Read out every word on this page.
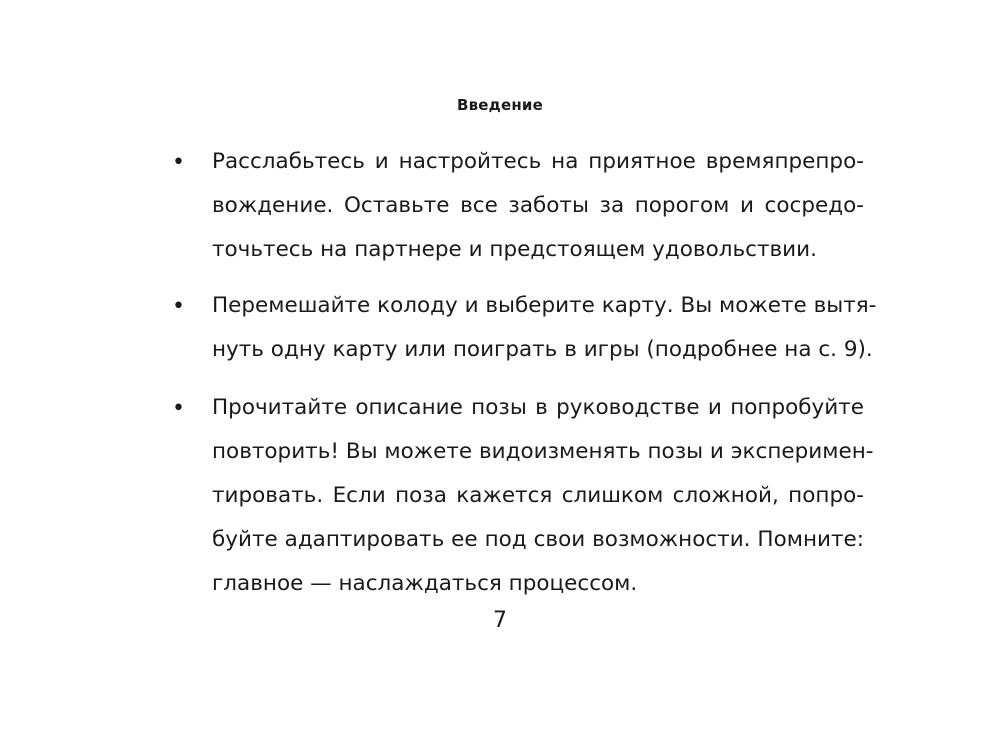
Введение
• Расслабьтесь и настройтесь на приятное времяпрепро-
вождение. Оставьте все заботы за порогом и сосредо-
точьтесь на партнере и предстоящем удовольствии.
• Перемешайте колоду и выберите карту. Вы можете вытя-
нуть одну карту или поиграть в игры (подробнее на с. 9).
• Прочитайте описание позы в руководстве и попробуйте
повторить! Вы можете видоизменять позы и эксперимен-
тировать. Если поза кажется слишком сложной, попро-
буйте адаптировать ее под свои возможности. Помните:
главное — наслаждаться процессом.
7
